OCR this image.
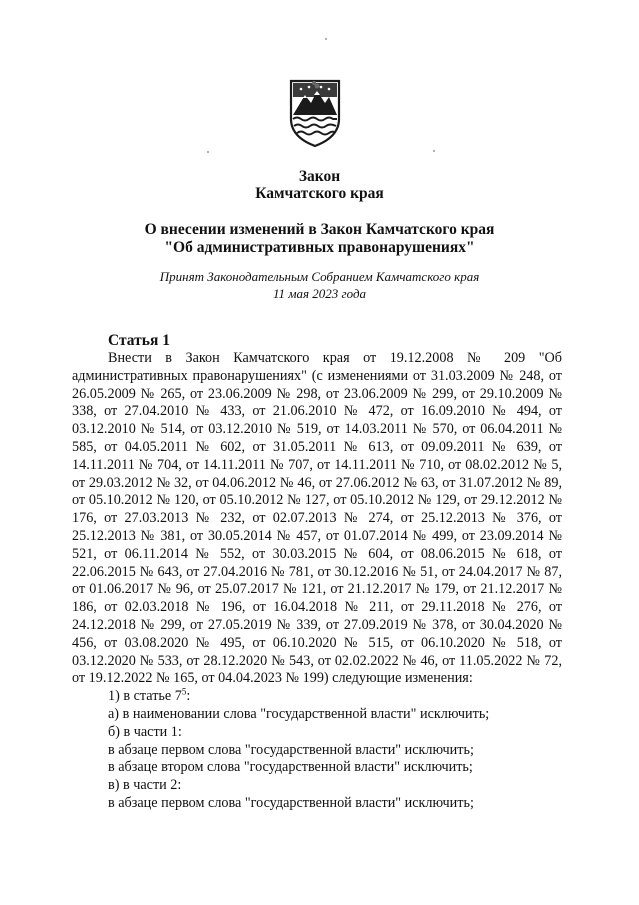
Закон
Камчатского края
О внесении изменений в Закон Камчатского края
"Об административных правонарушениях"
Принят Законодательным Собранием Камчатского края
11 мая 2023 года
Статья 1

Внести в Закон Камчатского края от 19.12.2008 № 209 "Об административных правонарушениях" (с изменениями от 31.03.2009 № 248, от 26.05.2009 № 265, от 23.06.2009 № 298, от 23.06.2009 № 299, от 29.10.2009 № 338, от 27.04.2010 № 433, от 21.06.2010 № 472, от 16.09.2010 № 494, от 03.12.2010 № 514, от 03.12.2010 № 519, от 14.03.2011 № 570, от 06.04.2011 № 585, от 04.05.2011 № 602, от 31.05.2011 № 613, от 09.09.2011 № 639, от 14.11.2011 № 704, от 14.11.2011 № 707, от 14.11.2011 № 710, от 08.02.2012 № 5, от 29.03.2012 № 32, от 04.06.2012 № 46, от 27.06.2012 № 63, от 31.07.2012 № 89, от 05.10.2012 № 120, от 05.10.2012 № 127, от 05.10.2012 № 129, от 29.12.2012 № 176, от 27.03.2013 № 232, от 02.07.2013 № 274, от 25.12.2013 № 376, от 25.12.2013 № 381, от 30.05.2014 № 457, от 01.07.2014 № 499, от 23.09.2014 № 521, от 06.11.2014 № 552, от 30.03.2015 № 604, от 08.06.2015 № 618, от 22.06.2015 № 643, от 27.04.2016 № 781, от 30.12.2016 № 51, от 24.04.2017 № 87, от 01.06.2017 № 96, от 25.07.2017 № 121, от 21.12.2017 № 179, от 21.12.2017 № 186, от 02.03.2018 № 196, от 16.04.2018 № 211, от 29.11.2018 № 276, от 24.12.2018 № 299, от 27.05.2019 № 339, от 27.09.2019 № 378, от 30.04.2020 № 456, от 03.08.2020 № 495, от 06.10.2020 № 515, от 06.10.2020 № 518, от 03.12.2020 № 533, от 28.12.2020 № 543, от 02.02.2022 № 46, от 11.05.2022 № 72, от 19.12.2022 № 165, от 04.04.2023 № 199) следующие изменения:

1) в статье $7^5$:

а) в наименовании слова "государственной власти" исключить;

б) в части 1:

в абзаце первом слова "государственной власти" исключить;

в абзаце втором слова "государственной власти" исключить;

в) в части 2:

в абзаце первом слова "государственной власти" исключить;
